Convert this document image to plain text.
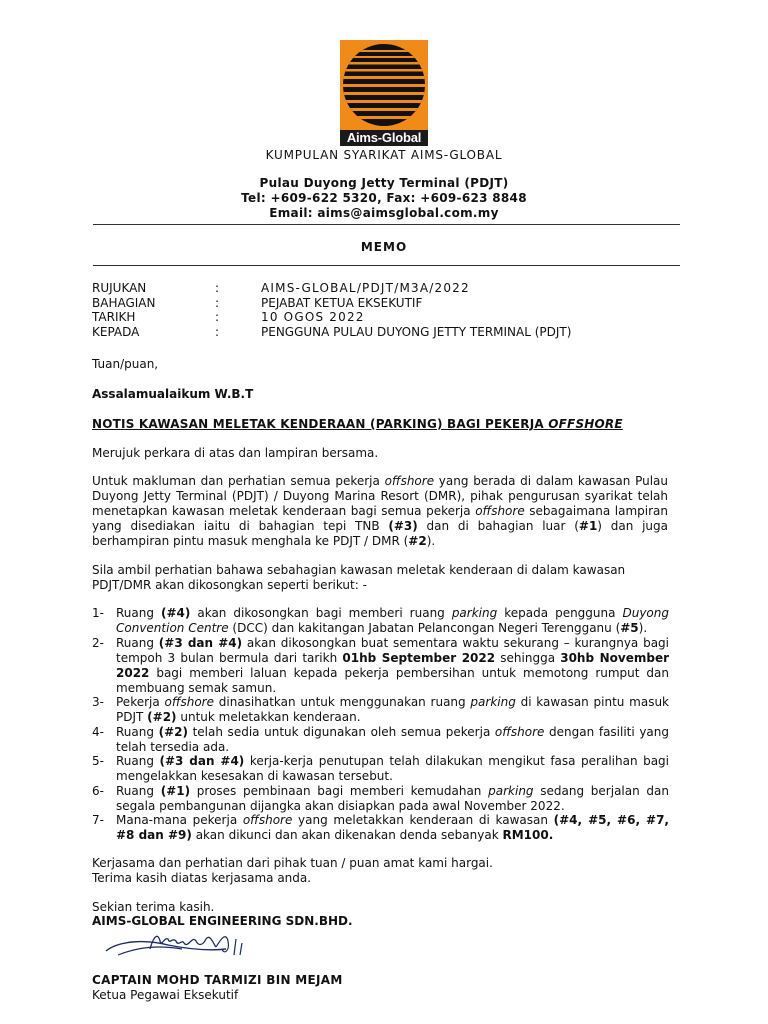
Aims-Global
KUMPULAN SYARIKAT AIMS-GLOBAL
Pulau Duyong Jetty Terminal (PDJT)
Tel: +609-622 5320, Fax: +609-623 8848
Email: aims@aimsglobal.com.my
MEMO
RUJUKAN	:	AIMS-GLOBAL/PDJT/M3A/2022
BAHAGIAN	:	PEJABAT KETUA EKSEKUTIF
TARIKH	:	10 OGOS 2022
KEPADA	:	PENGGUNA PULAU DUYONG JETTY TERMINAL (PDJT)
Tuan/puan,
Assalamualaikum W.B.T
NOTIS KAWASAN MELETAK KENDERAAN (PARKING) BAGI PEKERJA OFFSHORE
Merujuk perkara di atas dan lampiran bersama.
Untuk makluman dan perhatian semua pekerja offshore yang berada di dalam kawasan Pulau Duyong Jetty Terminal (PDJT) / Duyong Marina Resort (DMR), pihak pengurusan syarikat telah menetapkan kawasan meletak kenderaan bagi semua pekerja offshore sebagaimana lampiran yang disediakan iaitu di bahagian tepi TNB (#3) dan di bahagian luar (#1) dan juga berhampiran pintu masuk menghala ke PDJT / DMR (#2).
Sila ambil perhatian bahawa sebahagian kawasan meletak kenderaan di dalam kawasan PDJT/DMR akan dikosongkan seperti berikut: -
1- Ruang (#4) akan dikosongkan bagi memberi ruang parking kepada pengguna Duyong Convention Centre (DCC) dan kakitangan Jabatan Pelancongan Negeri Terengganu (#5).
2- Ruang (#3 dan #4) akan dikosongkan buat sementara waktu sekurang – kurangnya bagi tempoh 3 bulan bermula dari tarikh 01hb September 2022 sehingga 30hb November 2022 bagi memberi laluan kepada pekerja pembersihan untuk memotong rumput dan membuang semak samun.
3- Pekerja offshore dinasihatkan untuk menggunakan ruang parking di kawasan pintu masuk PDJT (#2) untuk meletakkan kenderaan.
4- Ruang (#2) telah sedia untuk digunakan oleh semua pekerja offshore dengan fasiliti yang telah tersedia ada.
5- Ruang (#3 dan #4) kerja-kerja penutupan telah dilakukan mengikut fasa peralihan bagi mengelakkan kesesakan di kawasan tersebut.
6- Ruang (#1) proses pembinaan bagi memberi kemudahan parking sedang berjalan dan segala pembangunan dijangka akan disiapkan pada awal November 2022.
7- Mana-mana pekerja offshore yang meletakkan kenderaan di kawasan (#4, #5, #6, #7, #8 dan #9) akan dikunci dan akan dikenakan denda sebanyak RM100.
Kerjasama dan perhatian dari pihak tuan / puan amat kami hargai.
Terima kasih diatas kerjasama anda.
Sekian terima kasih.
AIMS-GLOBAL ENGINEERING SDN.BHD.
CAPTAIN MOHD TARMIZI BIN MEJAM
Ketua Pegawai Eksekutif
